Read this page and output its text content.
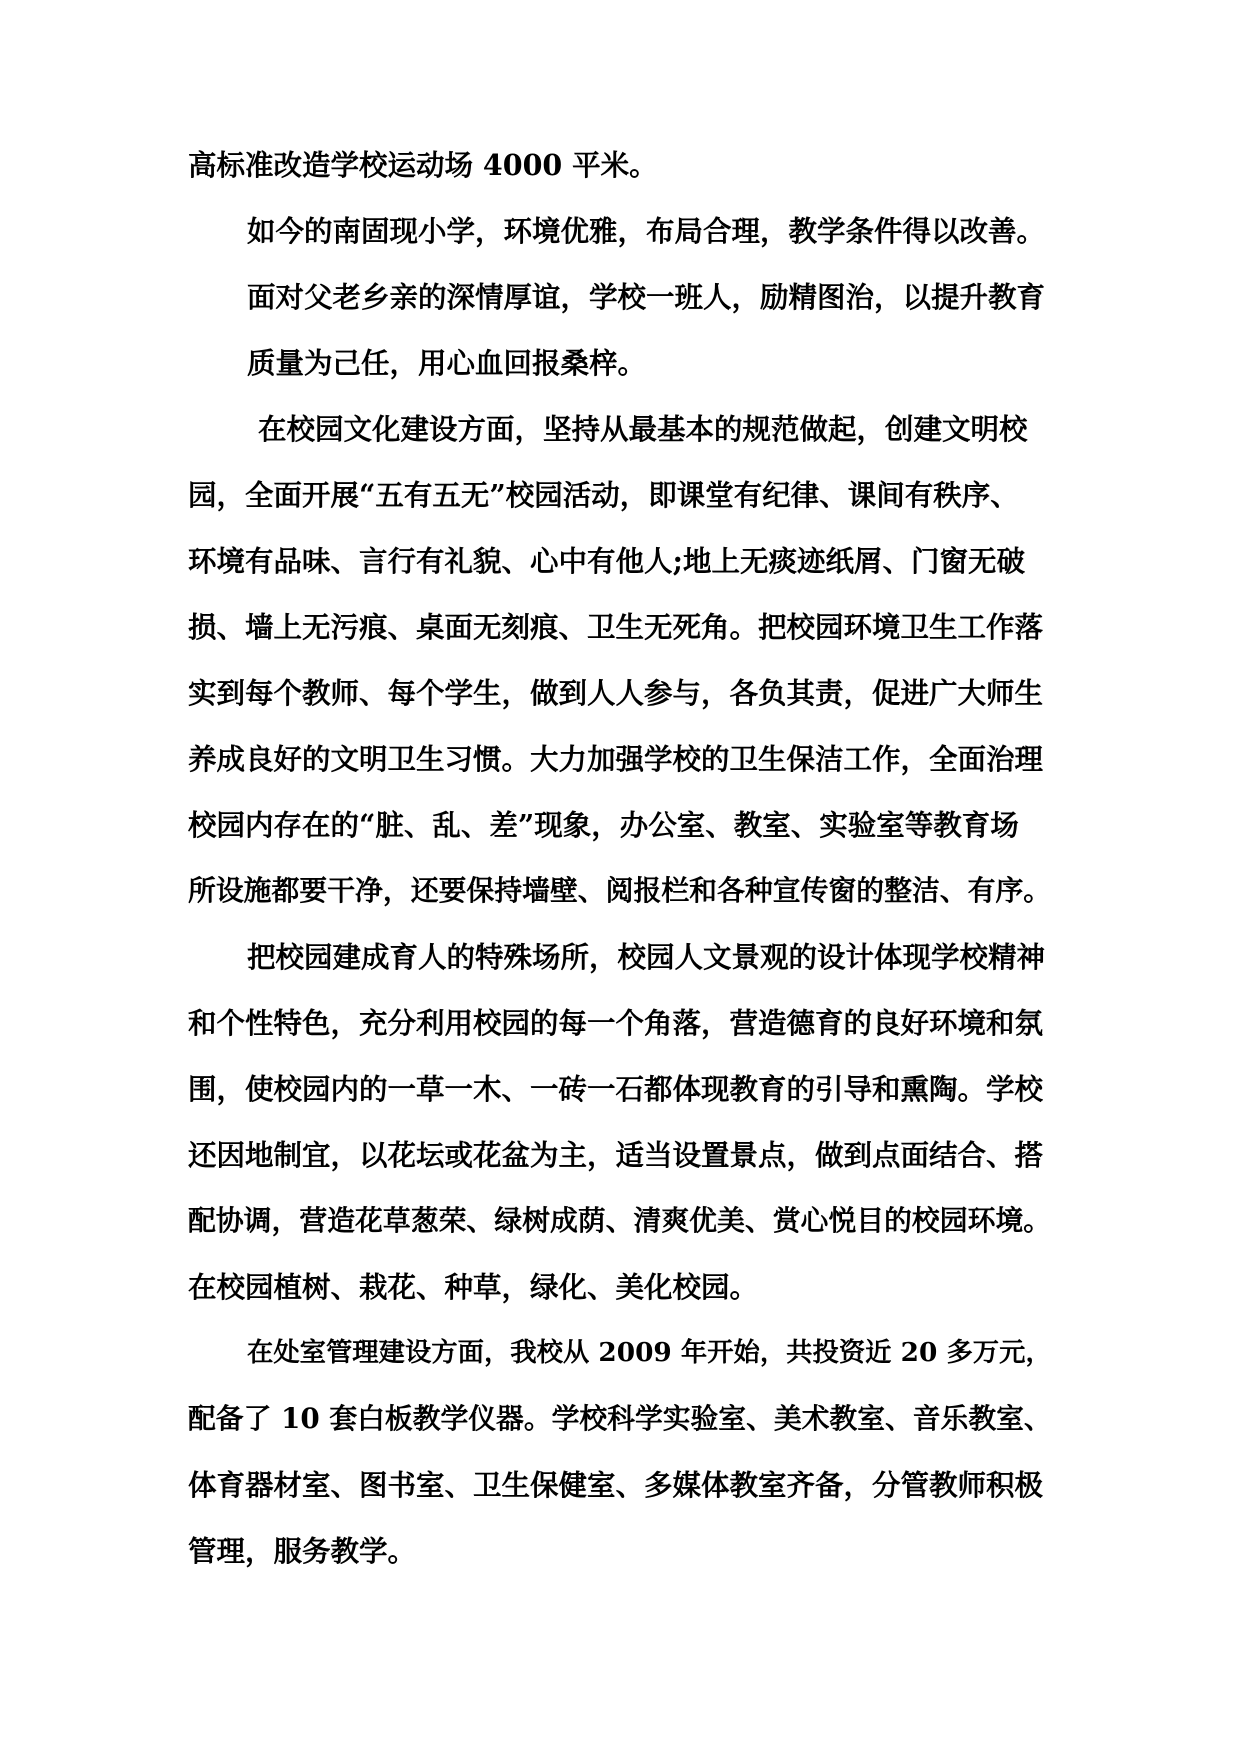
高标准改造学校运动场 4000 平米。
如今的南固现小学，环境优雅，布局合理，教学条件得以改善。
面对父老乡亲的深情厚谊，学校一班人，励精图治，以提升教育
质量为己任，用心血回报桑梓。
在校园文化建设方面，坚持从最基本的规范做起，创建文明校
园，全面开展“五有五无”校园活动，即课堂有纪律、课间有秩序、
环境有品味、言行有礼貌、心中有他人;地上无痰迹纸屑、门窗无破
损、墙上无污痕、桌面无刻痕、卫生无死角。把校园环境卫生工作落
实到每个教师、每个学生，做到人人参与，各负其责，促进广大师生
养成良好的文明卫生习惯。大力加强学校的卫生保洁工作，全面治理
校园内存在的“脏、乱、差”现象，办公室、教室、实验室等教育场
所设施都要干净，还要保持墙壁、阅报栏和各种宣传窗的整洁、有序。
把校园建成育人的特殊场所，校园人文景观的设计体现学校精神
和个性特色，充分利用校园的每一个角落，营造德育的良好环境和氛
围，使校园内的一草一木、一砖一石都体现教育的引导和熏陶。学校
还因地制宜，以花坛或花盆为主，适当设置景点，做到点面结合、搭
配协调，营造花草葱荣、绿树成荫、清爽优美、赏心悦目的校园环境。
在校园植树、栽花、种草，绿化、美化校园。
在处室管理建设方面，我校从 2009 年开始，共投资近 20 多万元，
配备了 10 套白板教学仪器。学校科学实验室、美术教室、音乐教室、
体育器材室、图书室、卫生保健室、多媒体教室齐备，分管教师积极
管理，服务教学。
